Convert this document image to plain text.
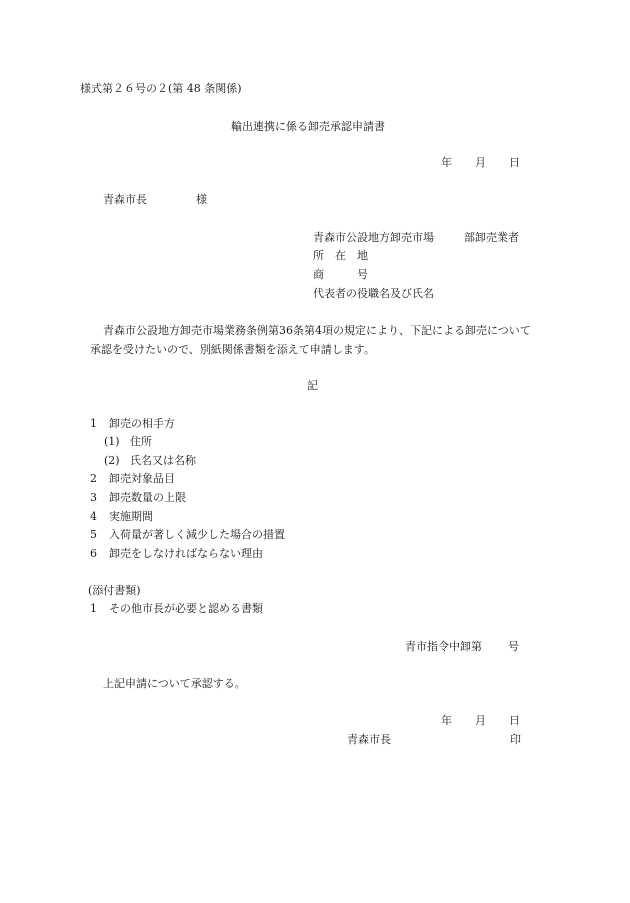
様式第２６号の２(第 48 条関係)
輸出連携に係る卸売承認申請書
年 月 日
青森市長	様
青森市公設地方卸売市場	部卸売業者
所　在　地
商　　　号
代表者の役職名及び氏名
青森市公設地方卸売市場業務条例第36条第4項の規定により、下記による卸売について
承認を受けたいので、別紙関係書類を添えて申請します。
記
1 卸売の相手方
(1) 住所
(2) 氏名又は名称
2 卸売対象品目
3 卸売数量の上限
4 実施期間
5 入荷量が著しく減少した場合の措置
6 卸売をしなければならない理由
(添付書類)
1 その他市長が必要と認める書類
青市指令中卸第 号
上記申請について承認する。
年 月 日
青森市長	印
